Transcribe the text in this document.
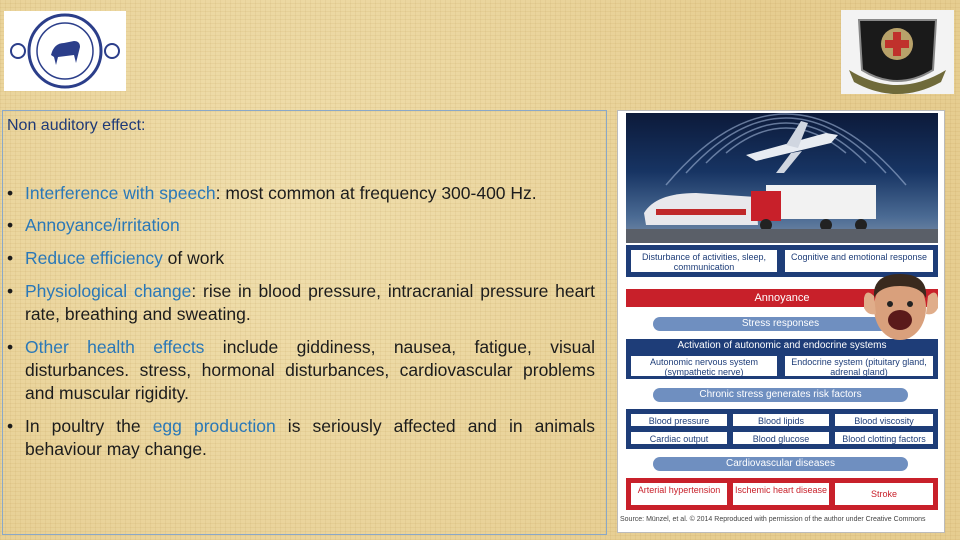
Non auditory effect:
• Interference with speech: most common at frequency 300-400 Hz.
• Annoyance/irritation
• Reduce efficiency of work
• Physiological change: rise in blood pressure, intracranial pressure heart rate, breathing and sweating.
• Other health effects include giddiness, nausea, fatigue, visual disturbances. stress, hormonal disturbances, cardiovascular problems and muscular rigidity.
• In poultry the egg production is seriously affected and in animals behaviour may change.
Disturbance of activities, sleep, communication
Cognitive and emotional response
Annoyance
Stress responses
Activation of autonomic and endocrine systems
Autonomic nervous system (sympathetic nerve)
Endocrine system (pituitary gland, adrenal gland)
Chronic stress generates risk factors
Blood pressure	Blood lipids	Blood viscosity
Cardiac output	Blood glucose	Blood clotting factors
Cardiovascular diseases
Arterial hypertension	Ischemic heart disease	Stroke
Source: Münzel, et al. © 2014 Reproduced with permission of the author under Creative Commons
